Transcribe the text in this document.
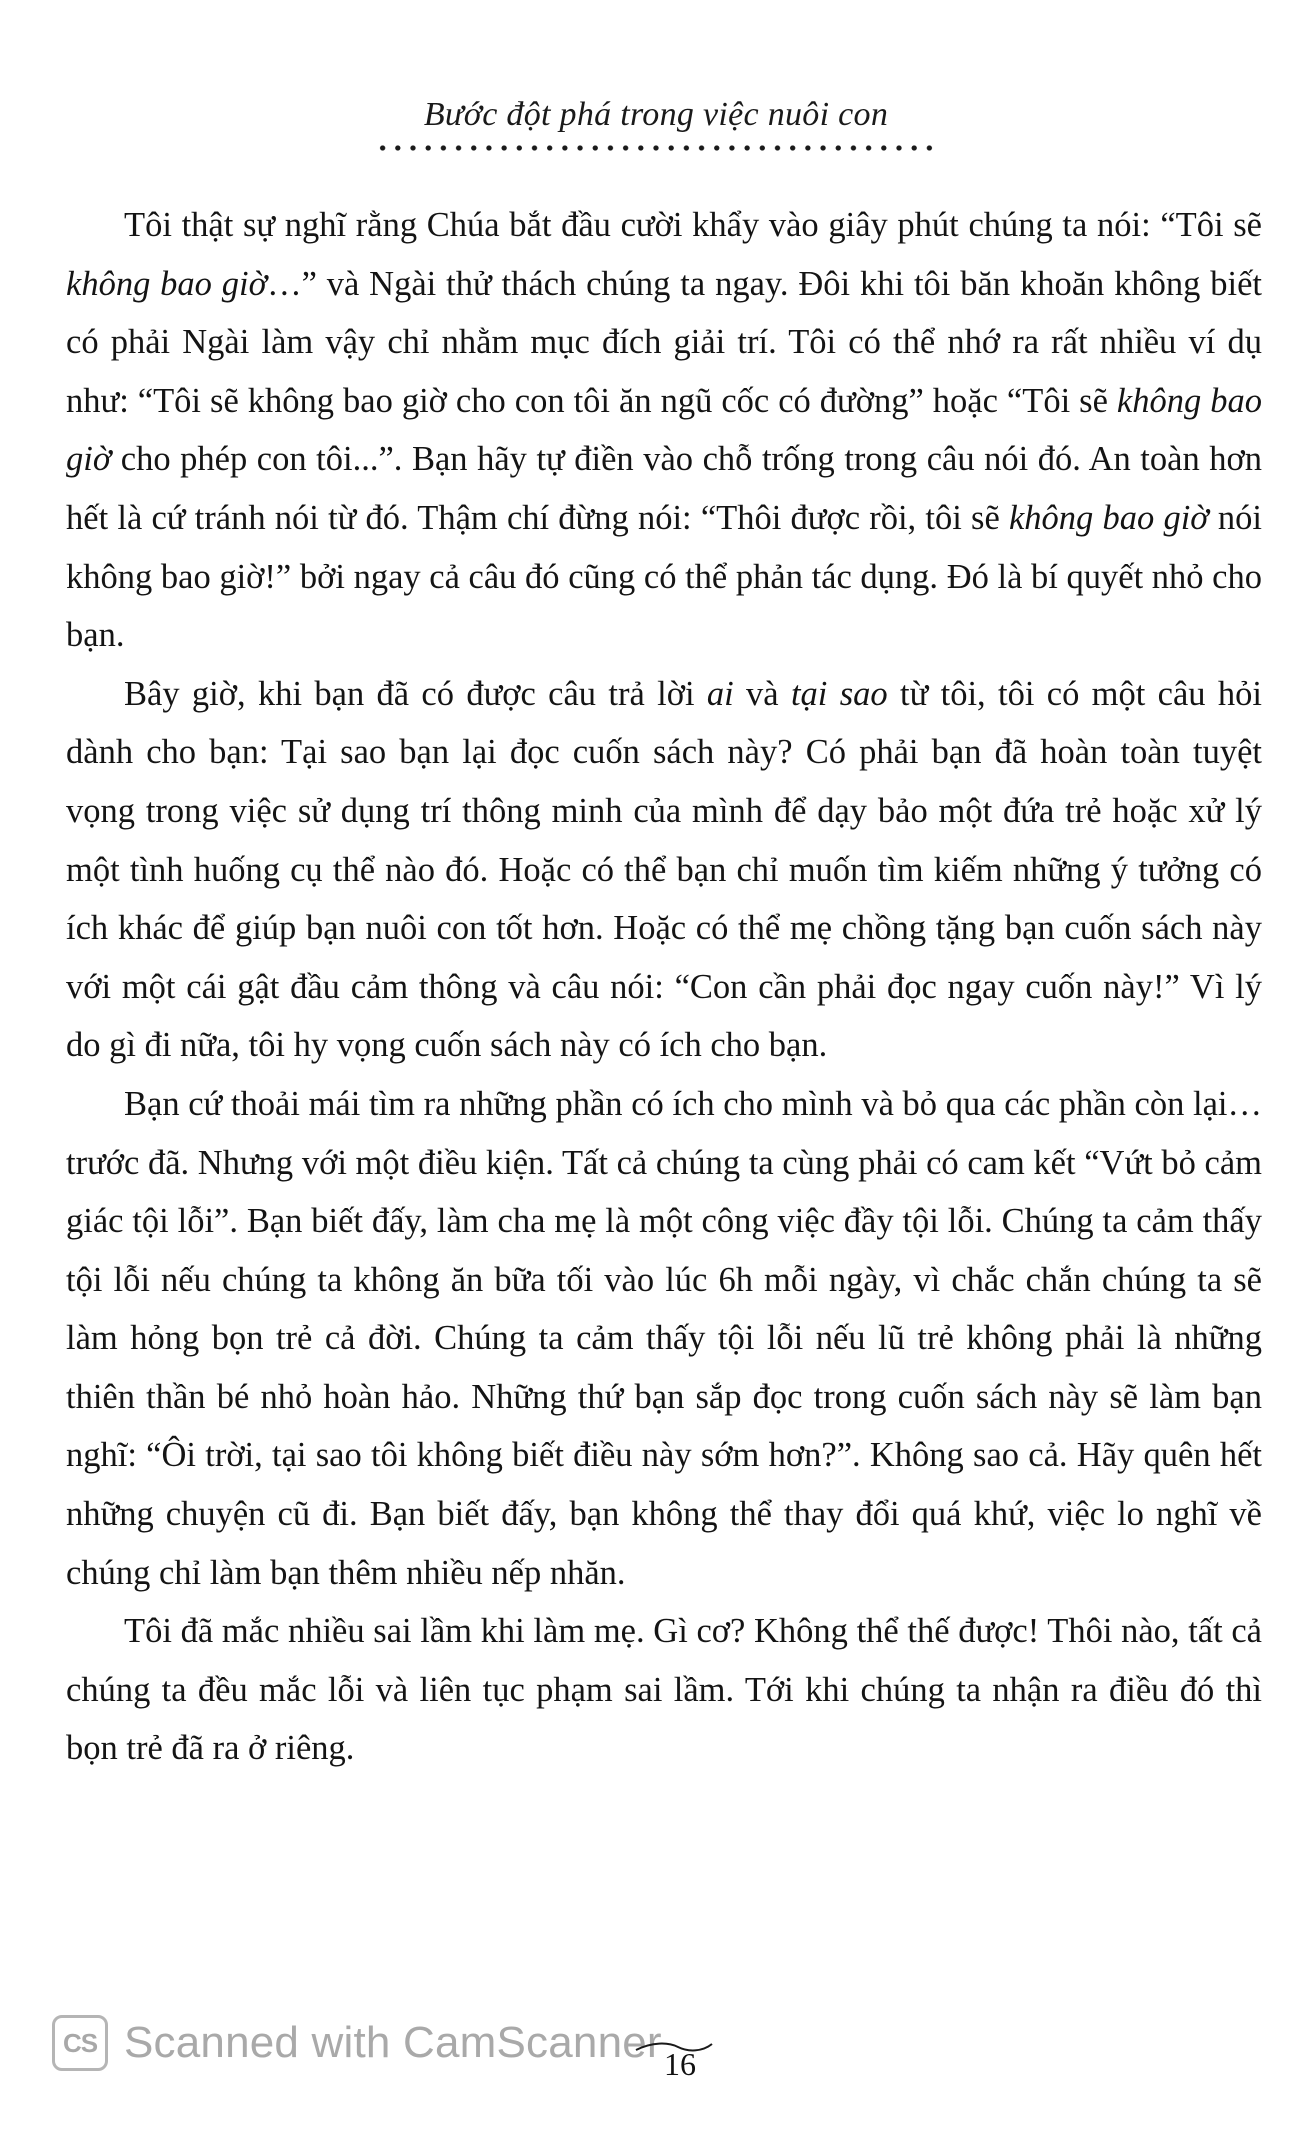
Bước đột phá trong việc nuôi con

Tôi thật sự nghĩ rằng Chúa bắt đầu cười khẩy vào giây phút chúng ta nói: “Tôi sẽ không bao giờ…” và Ngài thử thách chúng ta ngay. Đôi khi tôi băn khoăn không biết có phải Ngài làm vậy chỉ nhằm mục đích giải trí. Tôi có thể nhớ ra rất nhiều ví dụ như: “Tôi sẽ không bao giờ cho con tôi ăn ngũ cốc có đường” hoặc “Tôi sẽ không bao giờ cho phép con tôi...”. Bạn hãy tự điền vào chỗ trống trong câu nói đó. An toàn hơn hết là cứ tránh nói từ đó. Thậm chí đừng nói: “Thôi được rồi, tôi sẽ không bao giờ nói không bao giờ!” bởi ngay cả câu đó cũng có thể phản tác dụng. Đó là bí quyết nhỏ cho bạn.

Bây giờ, khi bạn đã có được câu trả lời ai và tại sao từ tôi, tôi có một câu hỏi dành cho bạn: Tại sao bạn lại đọc cuốn sách này? Có phải bạn đã hoàn toàn tuyệt vọng trong việc sử dụng trí thông minh của mình để dạy bảo một đứa trẻ hoặc xử lý một tình huống cụ thể nào đó. Hoặc có thể bạn chỉ muốn tìm kiếm những ý tưởng có ích khác để giúp bạn nuôi con tốt hơn. Hoặc có thể mẹ chồng tặng bạn cuốn sách này với một cái gật đầu cảm thông và câu nói: “Con cần phải đọc ngay cuốn này!” Vì lý do gì đi nữa, tôi hy vọng cuốn sách này có ích cho bạn.

Bạn cứ thoải mái tìm ra những phần có ích cho mình và bỏ qua các phần còn lại… trước đã. Nhưng với một điều kiện. Tất cả chúng ta cùng phải có cam kết “Vứt bỏ cảm giác tội lỗi”. Bạn biết đấy, làm cha mẹ là một công việc đầy tội lỗi. Chúng ta cảm thấy tội lỗi nếu chúng ta không ăn bữa tối vào lúc 6h mỗi ngày, vì chắc chắn chúng ta sẽ làm hỏng bọn trẻ cả đời. Chúng ta cảm thấy tội lỗi nếu lũ trẻ không phải là những thiên thần bé nhỏ hoàn hảo. Những thứ bạn sắp đọc trong cuốn sách này sẽ làm bạn nghĩ: “Ôi trời, tại sao tôi không biết điều này sớm hơn?”. Không sao cả. Hãy quên hết những chuyện cũ đi. Bạn biết đấy, bạn không thể thay đổi quá khứ, việc lo nghĩ về chúng chỉ làm bạn thêm nhiều nếp nhăn.

Tôi đã mắc nhiều sai lầm khi làm mẹ. Gì cơ? Không thể thế được! Thôi nào, tất cả chúng ta đều mắc lỗi và liên tục phạm sai lầm. Tới khi chúng ta nhận ra điều đó thì bọn trẻ đã ra ở riêng.

CS Scanned with CamScanner 16
